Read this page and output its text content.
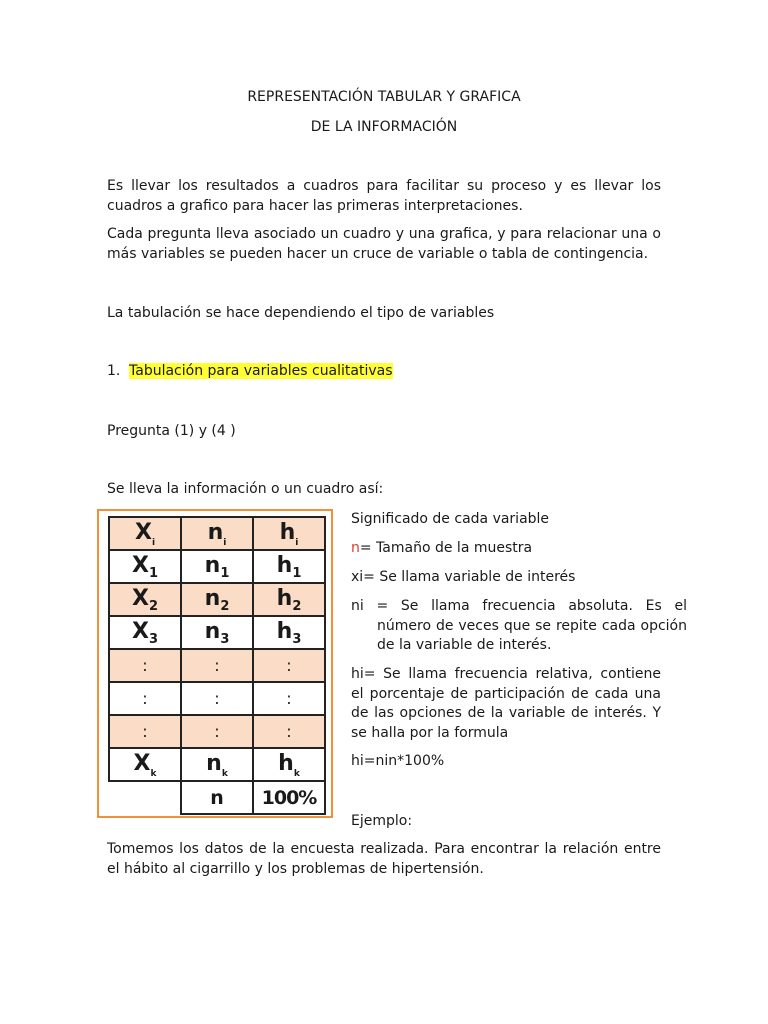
REPRESENTACIÓN TABULAR Y GRAFICA
DE LA INFORMACIÓN
Es llevar los resultados a cuadros para facilitar su proceso y es llevar los cuadros a grafico para hacer las primeras interpretaciones.
Cada pregunta lleva asociado un cuadro y una grafica, y para relacionar una o más variables se pueden hacer un cruce de variable o tabla de contingencia.
La tabulación se hace dependiendo el tipo de variables
1. Tabulación para variables cualitativas
Pregunta (1) y (4 )
Se lleva la información o un cuadro así:
$X_i$	$n_i$	$h_i$
$X_1$	$n_1$	$h_1$
$X_2$	$n_2$	$h_2$
$X_3$	$n_3$	$h_3$
:	:	:
:	:	:
:	:	:
$X_k$	$n_k$	$h_k$
	n	100%
Significado de cada variable
n= Tamaño de la muestra
xi= Se llama variable de interés
ni = Se llama frecuencia absoluta. Es el número de veces que se repite cada opción de la variable de interés.
hi= Se llama frecuencia relativa, contiene el porcentaje de participación de cada una de las opciones de la variable de interés. Y se halla por la formula
hi=nin*100%
Ejemplo:
Tomemos los datos de la encuesta realizada. Para encontrar la relación entre el hábito al cigarrillo y los problemas de hipertensión.
